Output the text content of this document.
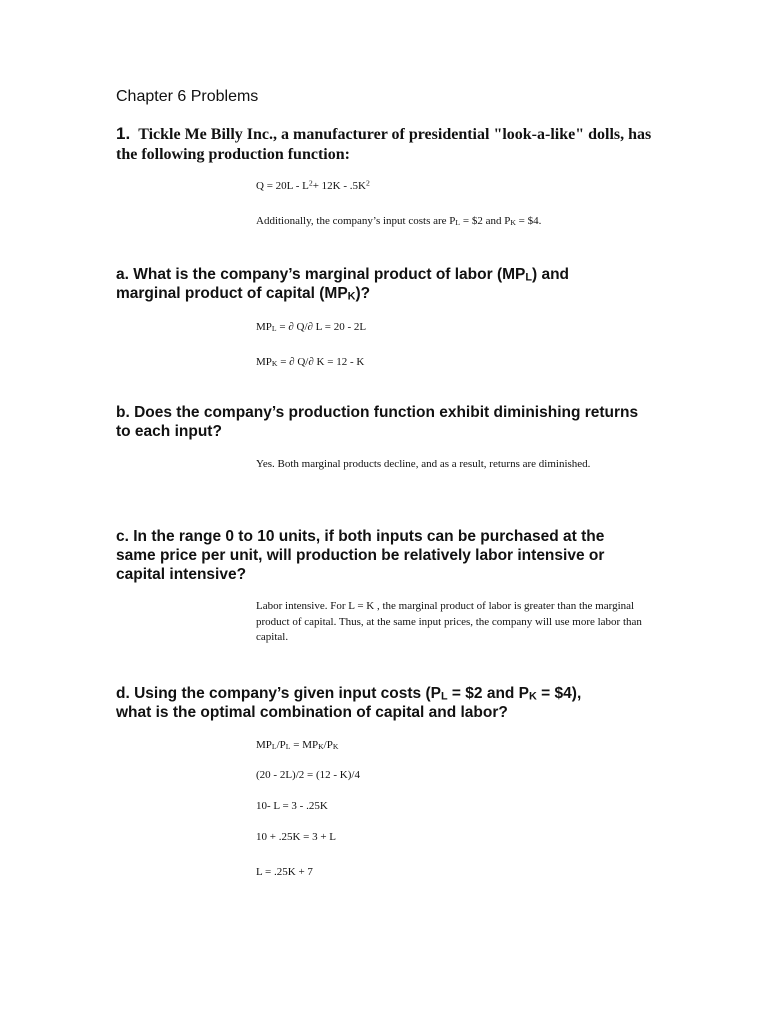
Chapter 6 Problems

1. Tickle Me Billy Inc., a manufacturer of presidential "look-a-like" dolls, has the following production function:

$Q = 20L - L^2+ 12K - .5K^2$

Additionally, the company’s input costs are $P_L$ = $2 and $P_K$ = $4.

a. What is the company’s marginal product of labor $(MP_L)$ and
marginal product of capital $(MP_K)$?

$MP_L$ = ∂ Q/∂ L = 20 - 2L

$MP_K$ = ∂ Q/∂ K = 12 - K

b. Does the company’s production function exhibit diminishing returns to each input?

Yes. Both marginal products decline, and as a result, returns are diminished.

c. In the range 0 to 10 units, if both inputs can be purchased at the same price per unit, will production be relatively labor intensive or capital intensive?

Labor intensive. For L = K , the marginal product of labor is greater than the marginal product of capital. Thus, at the same input prices, the company will use more labor than capital.

d. Using the company’s given input costs ($P_L$ = $2 and $P_K$ = $4),
what is the optimal combination of capital and labor?

$MP_L/P_L = MP_K/P_K$

(20 - 2L)/2 = (12 - K)/4

10- L = 3 - .25K

10 + .25K = 3 + L

L = .25K + 7
